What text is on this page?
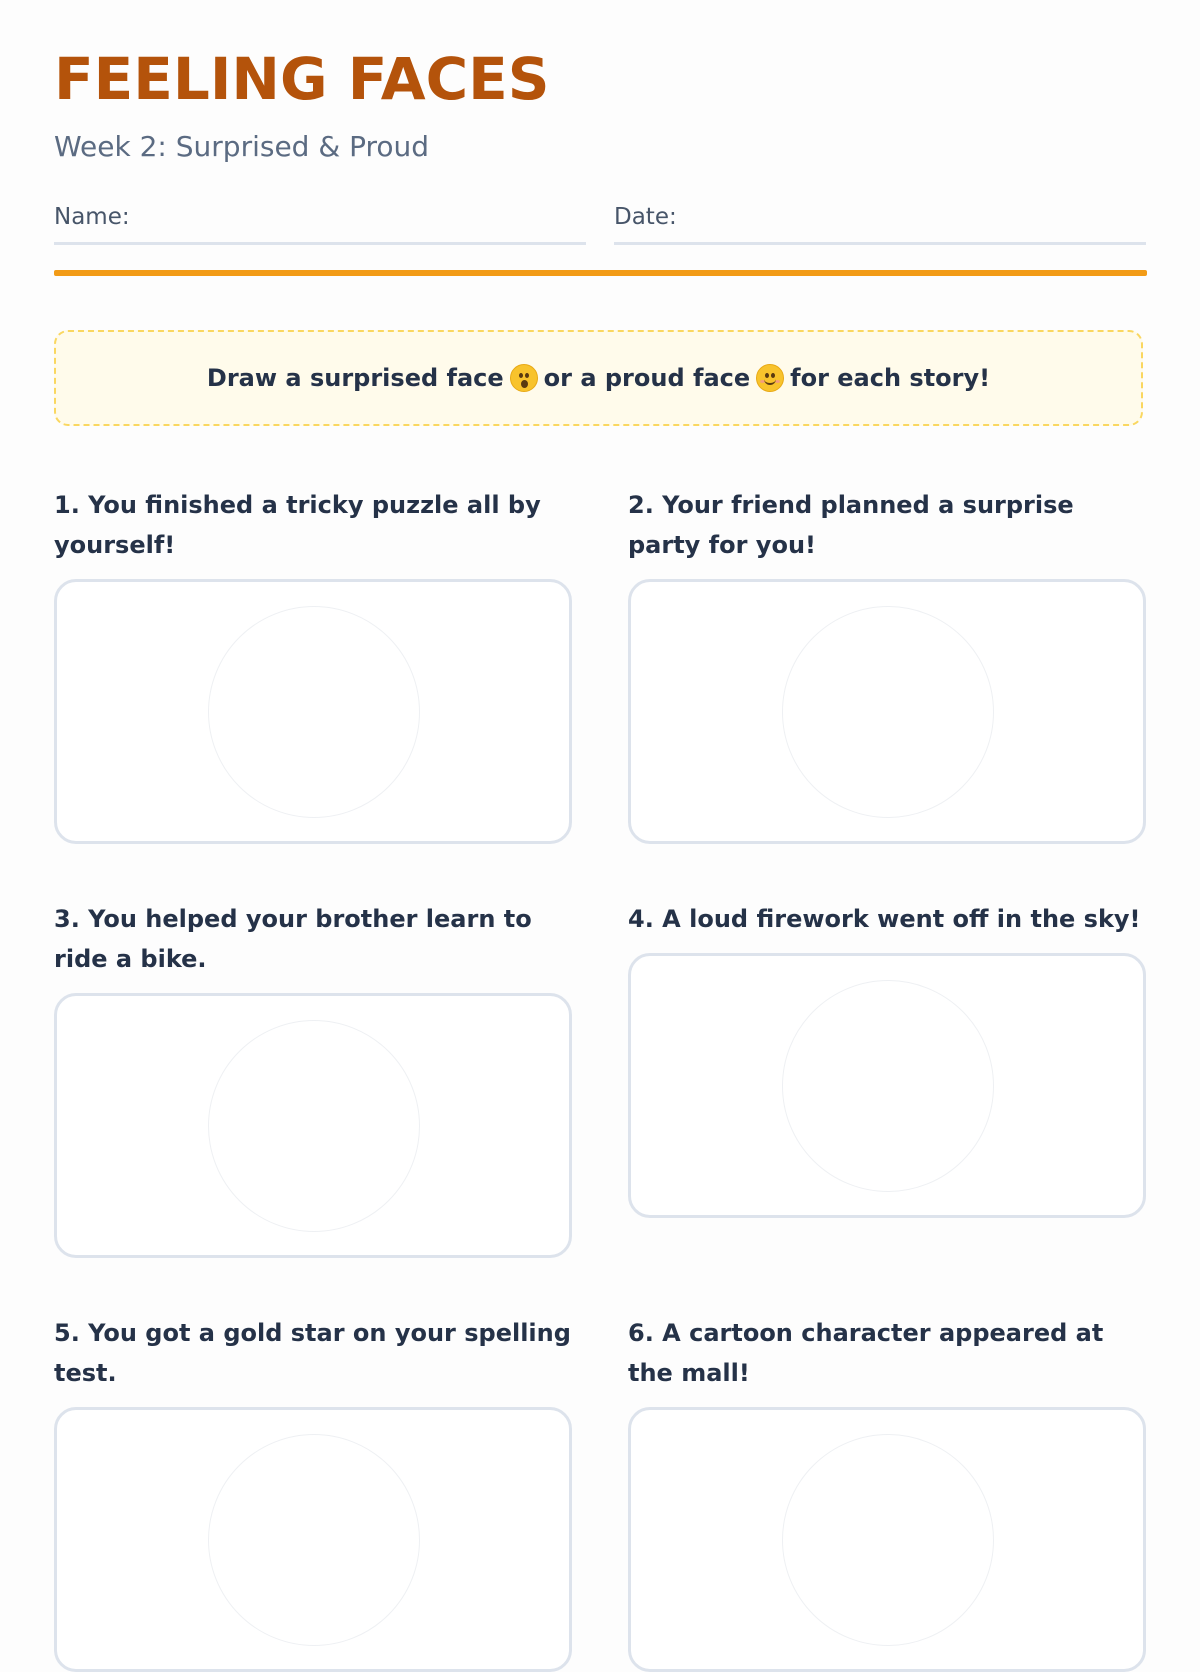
FEELING FACES
Week 2: Surprised & Proud
Name:	Date:
Draw a surprised face or a proud face for each story!

1. You finished a tricky puzzle all by yourself!

2. Your friend planned a surprise party for you!

3. You helped your brother learn to ride a bike.

4. A loud firework went off in the sky!

5. You got a gold star on your spelling test.

6. A cartoon character appeared at the mall!
